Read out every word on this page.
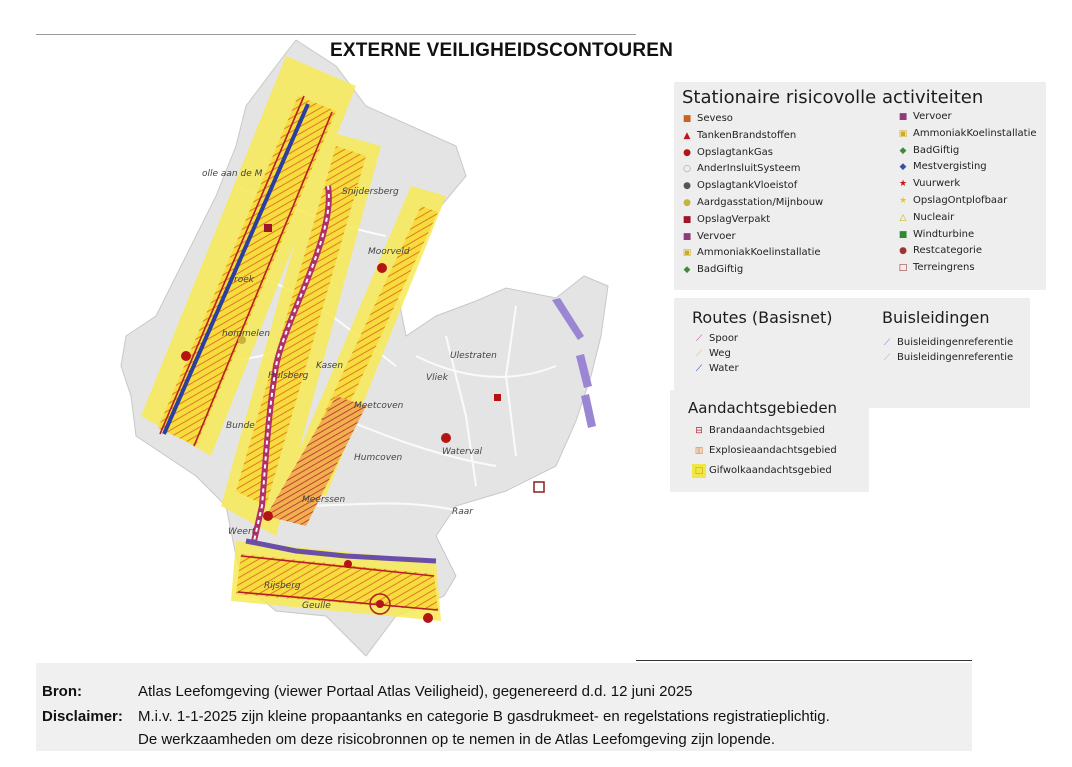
EXTERNE VEILIGHEIDSCONTOUREN
olle aan de M
Snijdersberg
Moorveld
roek
hommelen
Kasen
Ulestraten
Vliek
Hulsberg
Bunde
Meetcoven
Humcoven
Waterval
Meerssen
Raar
Weert
Rijsberg
Geulle
Stationaire risicovolle activiteiten
■ Seveso
▲ TankenBrandstoffen
● OpslagtankGas
○ AnderInsluitSysteem
● OpslagtankVloeistof
● Aardgasstation/Mijnbouw
■ OpslagVerpakt
■ Vervoer
▣ AmmoniakKoelinstallatie
◆ BadGiftig
■ Vervoer
▣ AmmoniakKoelinstallatie
◆ BadGiftig
◆ Mestvergisting
★ Vuurwerk
★ OpslagOntplofbaar
△ Nucleair
■ Windturbine
● Restcategorie
□ Terreingrens
Routes (Basisnet)	Buisleidingen
⟋ Spoor
⟋ Weg
⟋ Water
⟋ Buisleidingenreferentie
⟋ Buisleidingenreferentie
Aandachtsgebieden
⊟ Brandaandachtsgebied
▥ Explosieaandachtsgebied
□ Gifwolkaandachtsgebied
Bron:	Atlas Leefomgeving (viewer Portaal Atlas Veiligheid), gegenereerd d.d. 12 juni 2025
Disclaimer: M.i.v. 1-1-2025 zijn kleine propaantanks en categorie B gasdrukmeet- en regelstations registratieplichtig.
De werkzaamheden om deze risicobronnen op te nemen in de Atlas Leefomgeving zijn lopende.
